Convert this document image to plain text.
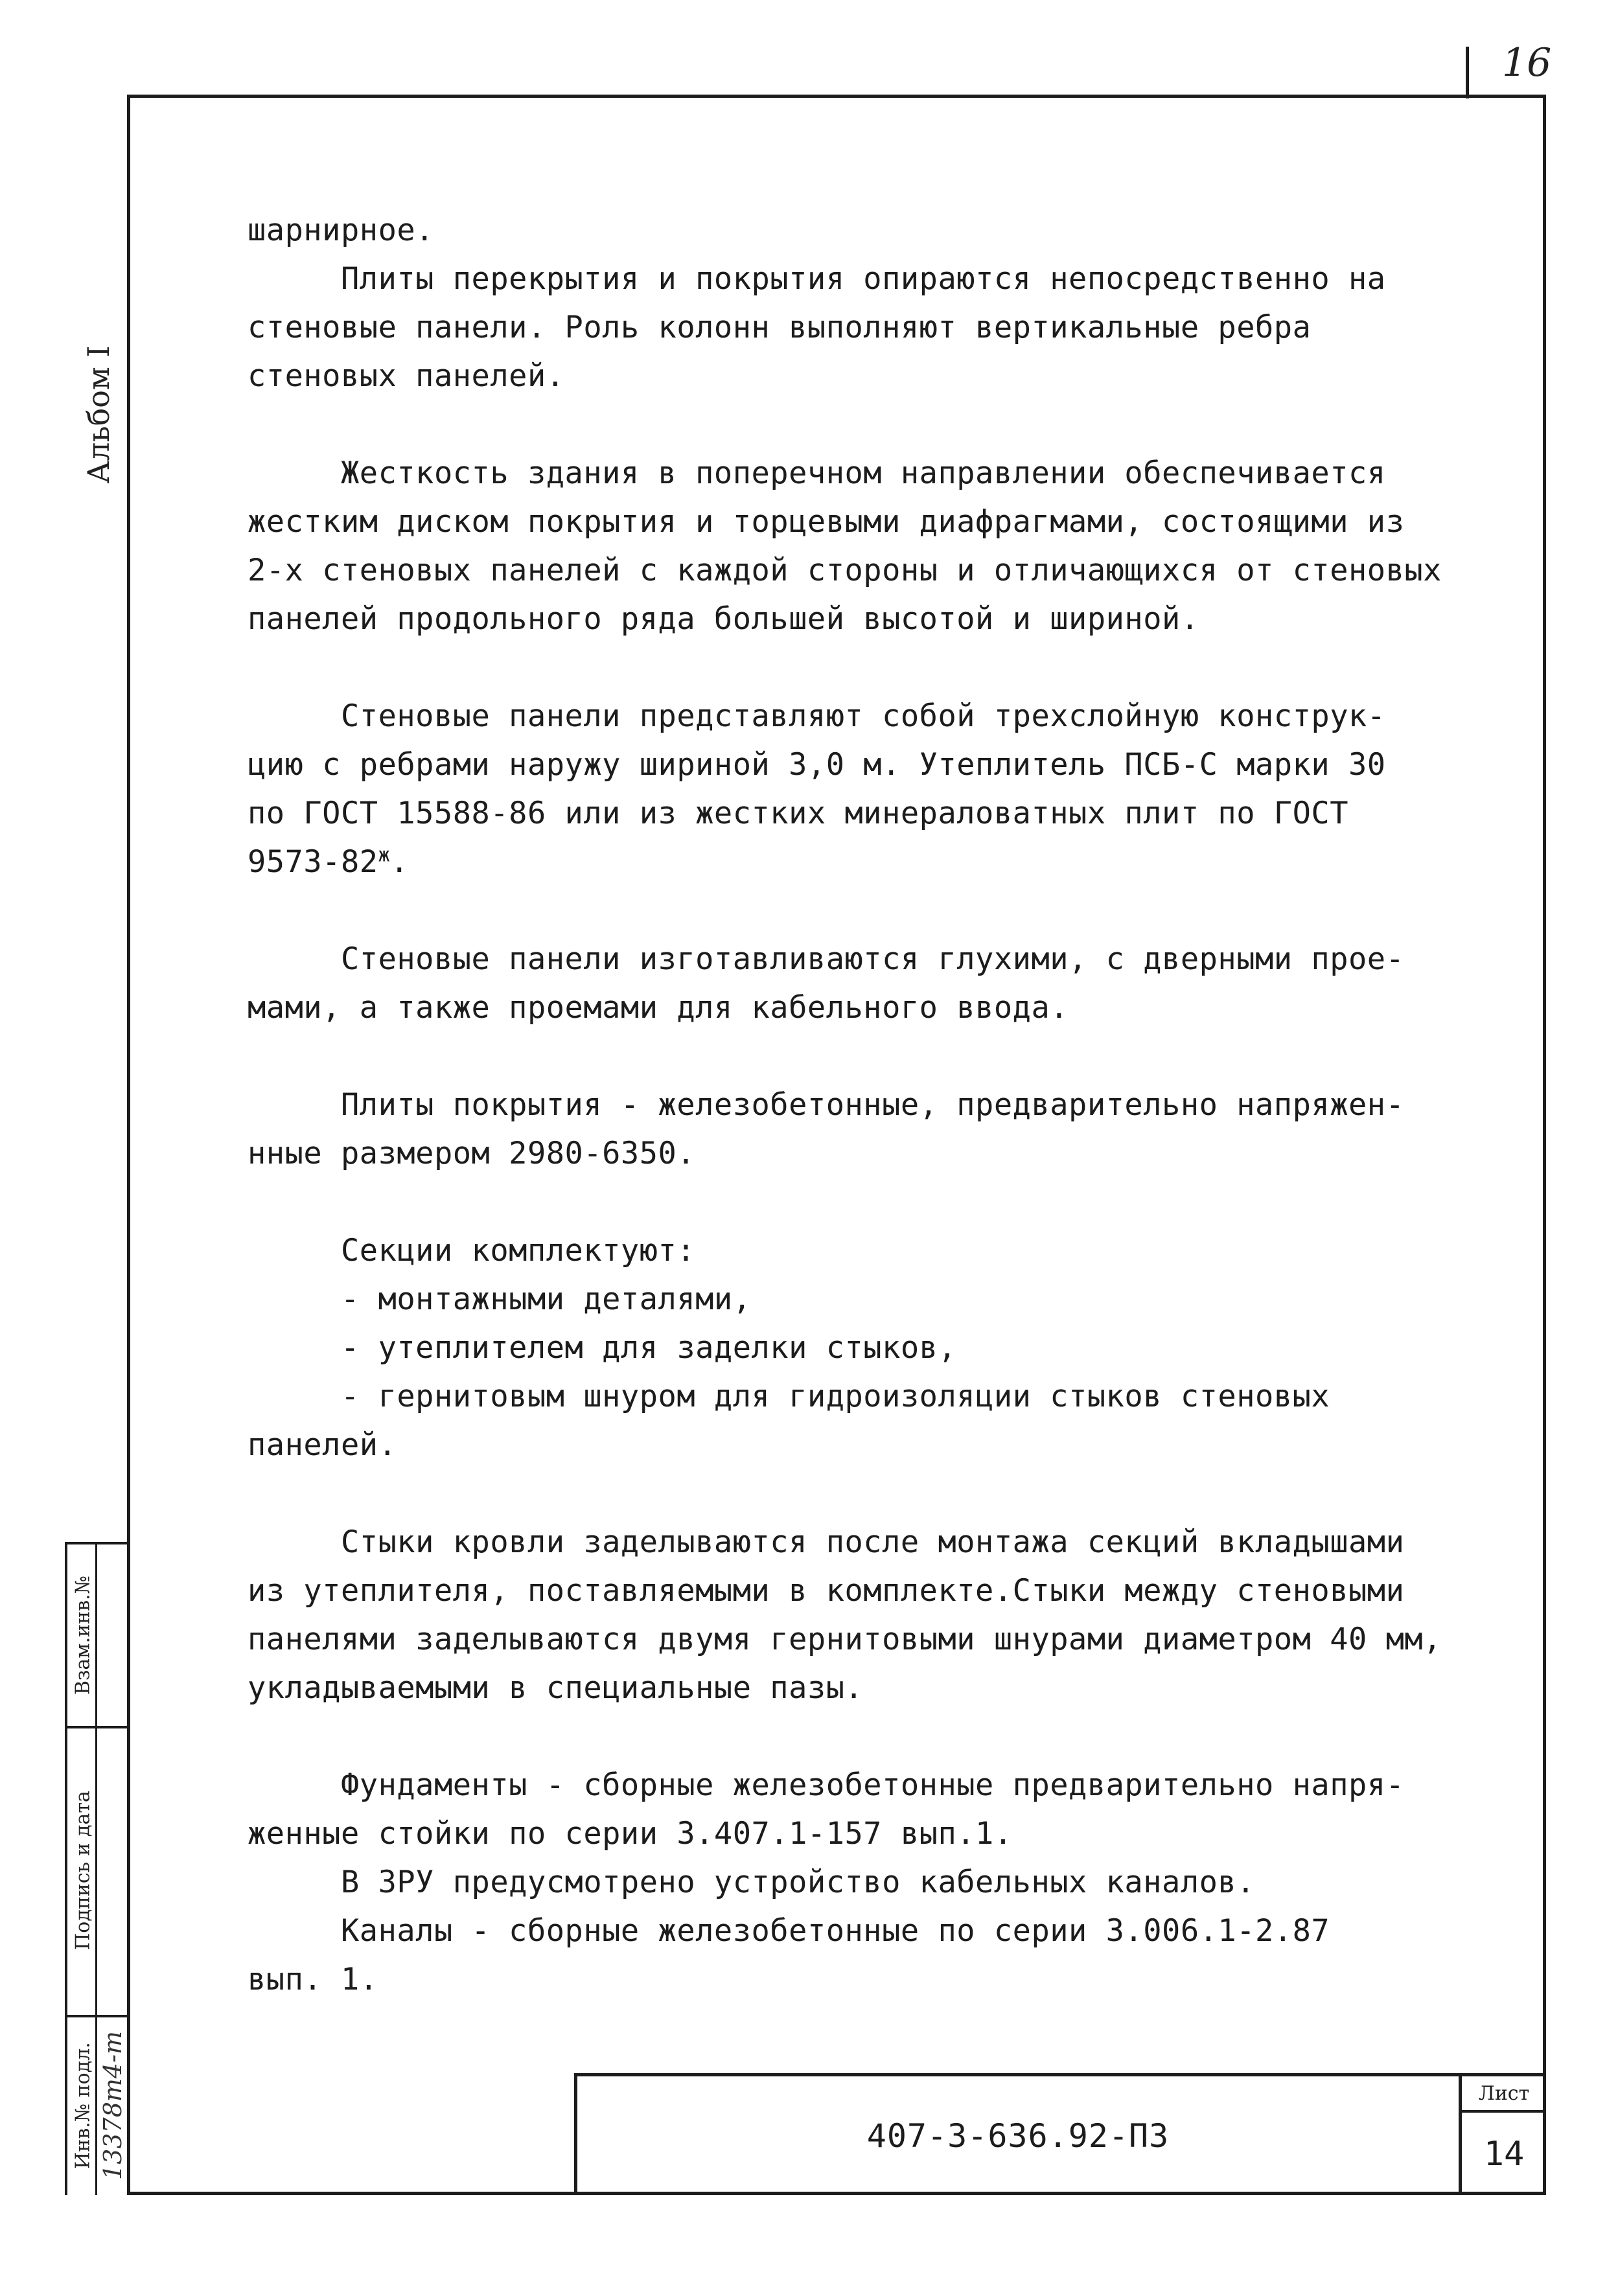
16
Альбом I
Взам.инв.№
Подпись и дата
Инв.№ подл. 13378т4-т

шарнирное.

Плиты перекрытия и покрытия опираются непосредственно на

стеновые панели. Роль колонн выполняют вертикальные ребра

стеновых панелей.

Жесткость здания в поперечном направлении обеспечивается

жестким диском покрытия и торцевыми диафрагмами, состоящими из

2-х стеновых панелей с каждой стороны и отличающихся от стеновых

панелей продольного ряда большей высотой и шириной.

Стеновые панели представляют собой трехслойную конструк-

цию с ребрами наружу шириной 3,0 м. Утеплитель ПСБ-С марки 30

по ГОСТ 15588-86 или из жестких минераловатных плит по ГОСТ

$9573-82^ж$.

Стеновые панели изготавливаются глухими, с дверными прое-

мами, а также проемами для кабельного ввода.

Плиты покрытия - железобетонные, предварительно напряжен-

нные размером 2980-6350.

Секции комплектуют:

- монтажными деталями,

- утеплителем для заделки стыков,

- гернитовым шнуром для гидроизоляции стыков стеновых

панелей.

Стыки кровли заделываются после монтажа секций вкладышами

из утеплителя, поставляемыми в комплекте.Стыки между стеновыми

панелями заделываются двумя гернитовыми шнурами диаметром 40 мм,

укладываемыми в специальные пазы.

Фундаменты - сборные железобетонные предварительно напря-

женные стойки по серии 3.407.1-157 вып.1.

В ЗРУ предусмотрено устройство кабельных каналов.

Каналы - сборные железобетонные по серии 3.006.1-2.87

вып. 1.

407-3-636.92-ПЗ
Лист
14
